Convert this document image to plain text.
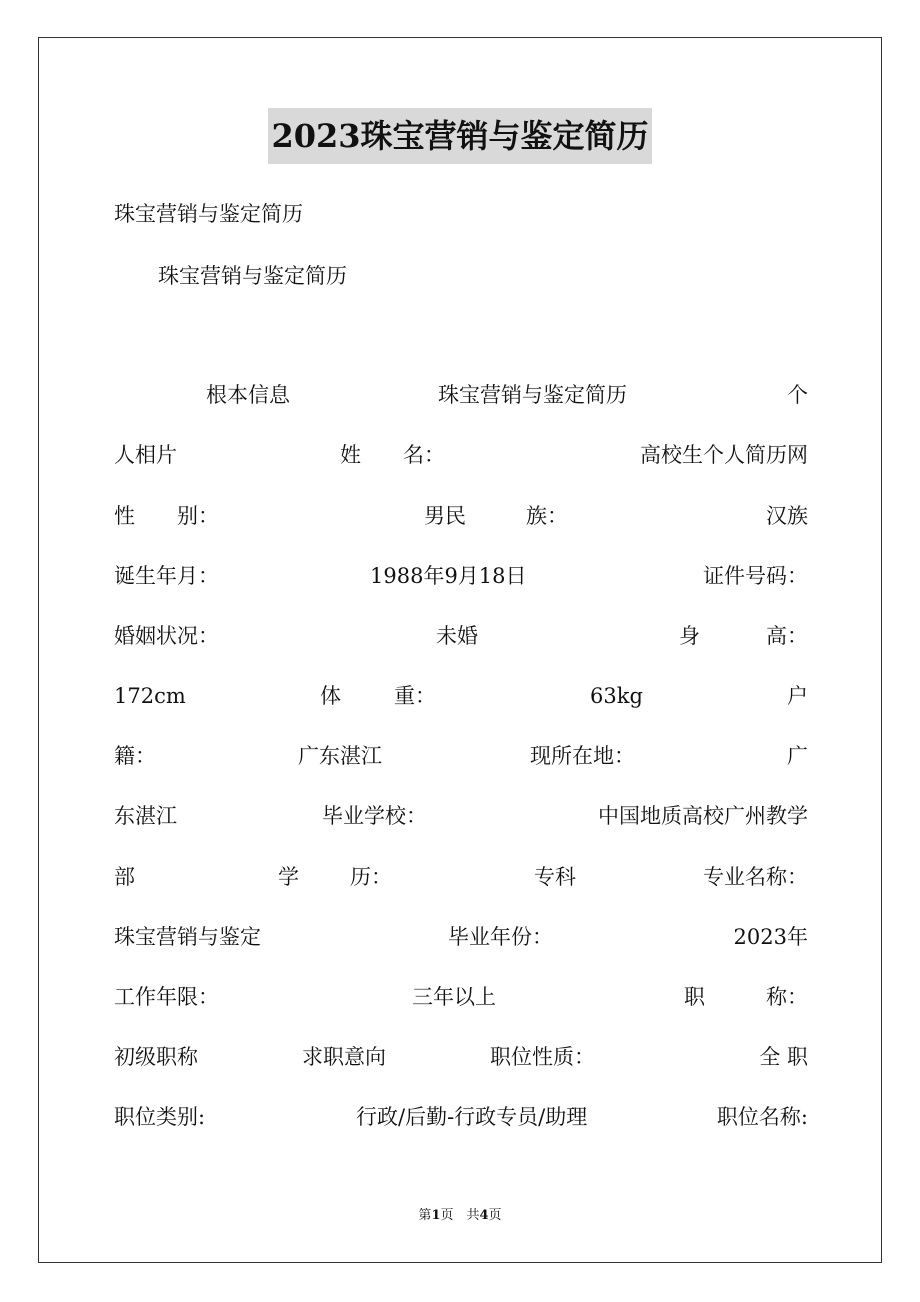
2023珠宝营销与鉴定简历
珠宝营销与鉴定简历
珠宝营销与鉴定简历
根本信息	珠宝营销与鉴定简历	个
人相片	姓　　名：	高校生个人简历网
性　　别：	男民	族：	汉族
诞生年月：	1988年9月18日	证件号码：
婚姻状况：	未婚	身	高：
172cm	体	重：	63kg	户
籍：	广东湛江	现所在地：	广
东湛江	毕业学校：	中国地质高校广州教学
部	学 历：	专科	专业名称：
珠宝营销与鉴定	毕业年份：	2023年
工作年限：	三年以上	职	称：
初级职称	求职意向	职位性质：	全 职
职位类别:	行政/后勤-行政专员/助理	职位名称:
第1页　共4页
